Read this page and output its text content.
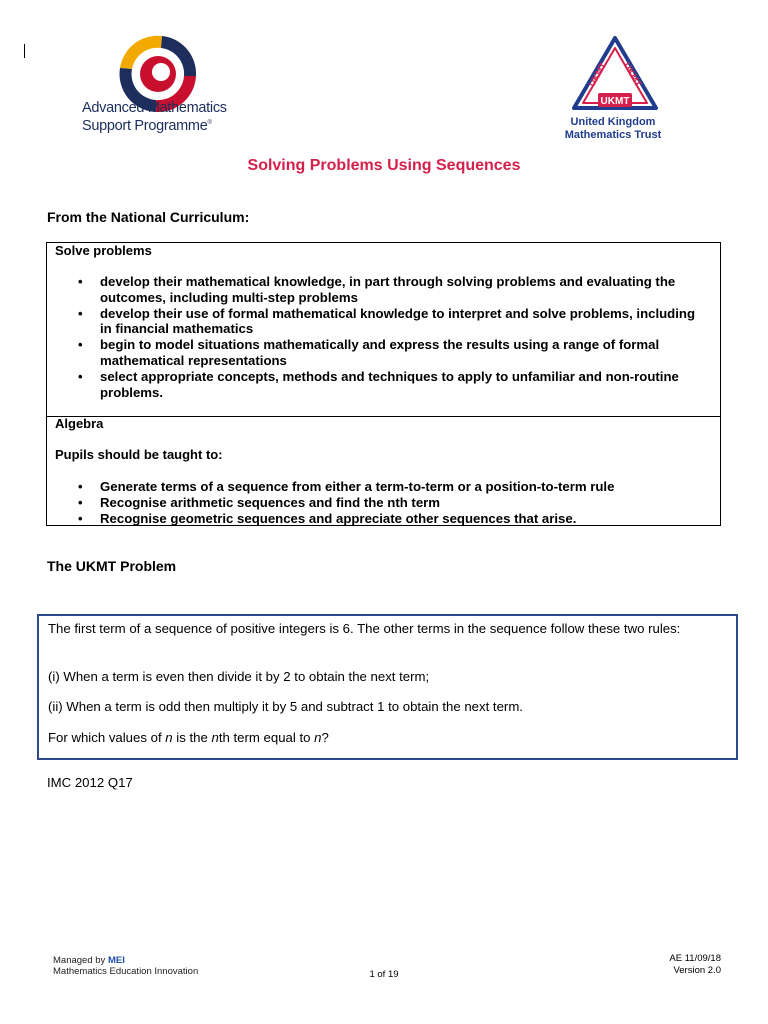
Advanced Mathematics
Support Programme®
UKMT UKMT
UKMT
United Kingdom
Mathematics Trust
Solving Problems Using Sequences
From the National Curriculum:
Solve problems
• develop their mathematical knowledge, in part through solving problems and evaluating the outcomes, including multi-step problems
• develop their use of formal mathematical knowledge to interpret and solve problems, including in financial mathematics
• begin to model situations mathematically and express the results using a range of formal mathematical representations
• select appropriate concepts, methods and techniques to apply to unfamiliar and non-routine problems.
Algebra
Pupils should be taught to:
• Generate terms of a sequence from either a term-to-term or a position-to-term rule
• Recognise arithmetic sequences and find the nth term
• Recognise geometric sequences and appreciate other sequences that arise.
The UKMT Problem
The first term of a sequence of positive integers is 6. The other terms in the sequence follow these two rules:
(i) When a term is even then divide it by 2 to obtain the next term;
(ii) When a term is odd then multiply it by 5 and subtract 1 to obtain the next term.
For which values of n is the nth term equal to n?
IMC 2012 Q17
Managed by MEI
Mathematics Education Innovation	1 of 19
AE 11/09/18
Version 2.0
